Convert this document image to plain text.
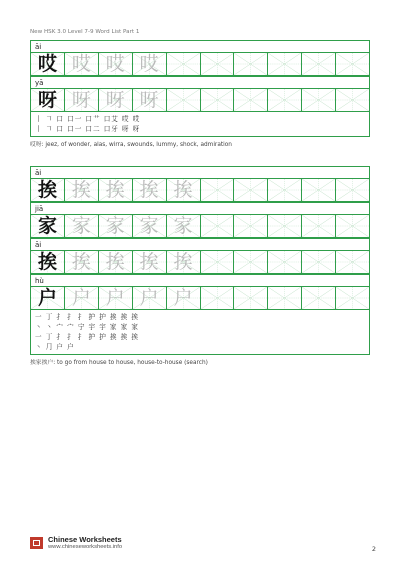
New HSK 3.0 Level 7-9 Word List Part 1
āi
哎 哎 哎 哎
yā
呀 呀 呀 呀
丨 𠃍 口 口一 口艹 口艾 哎 哎
丨 𠃍 口 口一 口二 口牙 呀 呀
哎呀: jeez, of wonder, alas, wirra, swounds, lummy, shock, admiration
āi
挨 挨 挨 挨 挨
jiā
家 家 家 家 家
āi
挨 挨 挨 挨 挨
hù
户 户 户 户 户
一 丁 扌 扌 扌 护 护 挨 挨 挨
丶 丶 宀 宀 宁 宇 宇 家 家 家
一 丁 扌 扌 扌 护 护 挨 挨 挨
丶 ⺆ 户 户
挨家挨户: to go from house to house, house-to-house (search)
Chinese Worksheets
www.chineseworksheets.info	2
